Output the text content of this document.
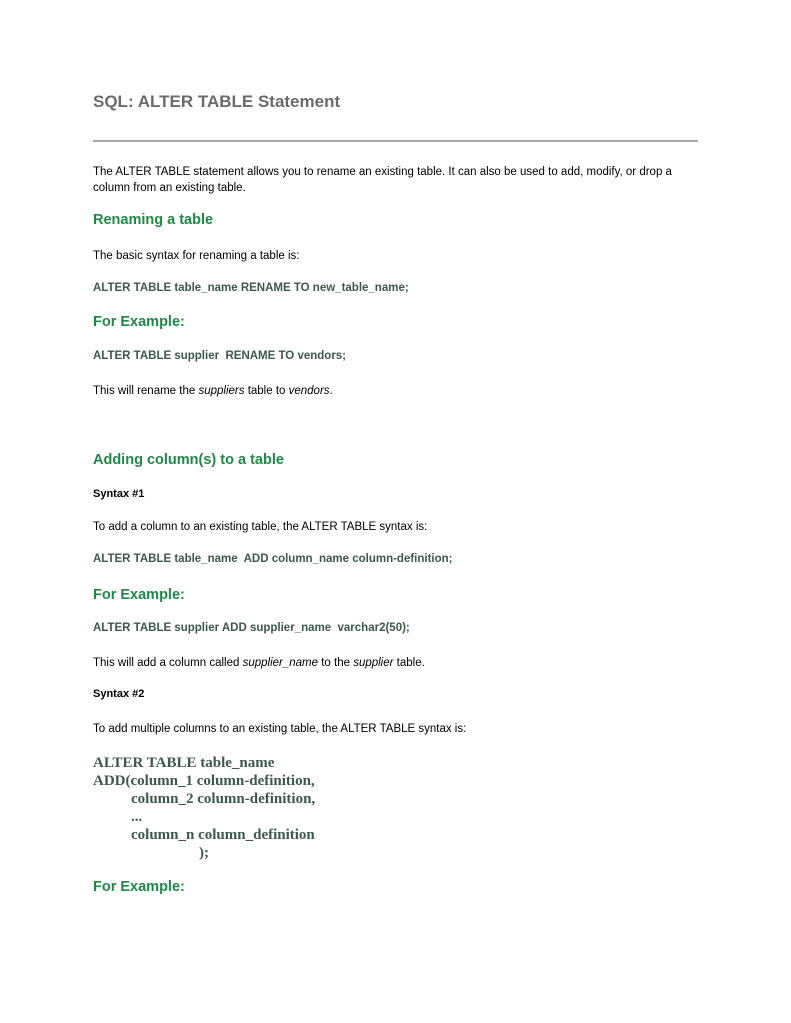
SQL: ALTER TABLE Statement

The ALTER TABLE statement allows you to rename an existing table. It can also be used to add, modify, or drop a column from an existing table.

Renaming a table

The basic syntax for renaming a table is:

ALTER TABLE table_name RENAME TO new_table_name;

For Example:

ALTER TABLE supplier  RENAME TO vendors;

This will rename the suppliers table to vendors.

Adding column(s) to a table

Syntax #1

To add a column to an existing table, the ALTER TABLE syntax is:

ALTER TABLE table_name  ADD column_name column-definition;

For Example:

ALTER TABLE supplier ADD supplier_name  varchar2(50);

This will add a column called supplier_name to the supplier table.

Syntax #2

To add multiple columns to an existing table, the ALTER TABLE syntax is:

ALTER TABLE table_name

ADD(column_1 column-definition,

column_2 column-definition,

...

column_n column_definition

);

For Example:
